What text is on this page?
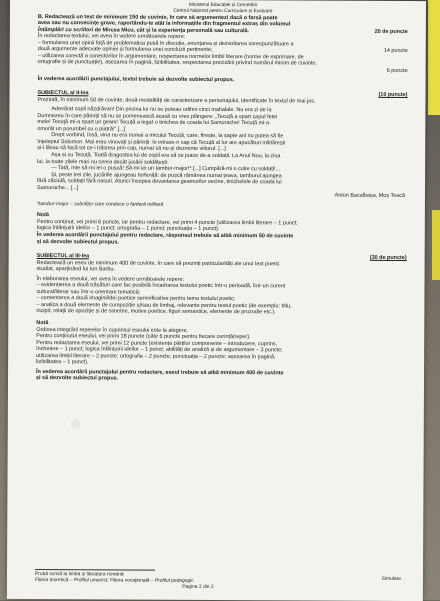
Ministerul Educației și Cercetării
Centrul Național pentru Curriculum și Evaluare

B. Redactează un text de minimum 150 de cuvinte, în care să argumentezi dacă o farsă poate

avea sau nu consecințe grave, raportându-te atât la informațiile din fragmentul extras din volumul

Întâmplări cu scriitori de Mircea Micu, cât și la experiența personală sau culturală.	20 de puncte

În redactarea textului, vei avea în vedere următoarele repere:

– formularea unei opinii față de problematica pusă în discuție, enunțarea și dezvoltarea corespunzătoare a

două argumente adecvate opiniei și formularea unei concluzii pertinente;	14 puncte

– utilizarea corectă a conectorilor în argumentare, respectarea normelor limbii literare (norme de exprimare, de

ortografie și de punctuație), așezarea în pagină, lizibilitatea, respectarea precizării privind numărul minim de cuvinte.

6 puncte

În vederea acordării punctajului, textul trebuie să dezvolte subiectul propus.

SUBIECTUL al II-lea	(10 puncte)

Prezintă, în minimum 50 de cuvinte, două modalități de caracterizare a personajului, identificate în textul de mai jos.

Adevărat copil năzdrăvan! Din pricina lui nu se puteau odihni cinci mahalale. Nu era zi de la

Dumnezeu în care părinții să nu se pomenească acasă cu vreo plângere: „Tecuță a spart capul fetei

mele! Tecuță mi-a spart un geam! Tecuță a legat o tinichea de coada lui Samurache! Tecuță mi-a

omorât un porumbel cu o piatră!” [...]

Drept vorbind, însă, vina nu era numai a micului Tecuță, care, firește, la șapte ani nu putea să fie

înțeleptul Solomon. Mai erau vinovați și părinții: le intrase-n cap că Tecuță al lor are apucături militărești

și-l lăsau să facă tot ce-i trăsnea prin cap, numai să nu-și dezminte viitorul. [...]

Așa și cu Tecuță. Toată dragostea lui de copil era să se joace de-a soldații. La Anul Nou, la ziua

lui, la toate zilele mari nu cerea decât jucării soldățești:

— Tată, mie să-mi iei o pușcă! Să-mi iei un tambur-major!* [...] Cumpără-mi o cutie cu soldați!...

Și, peste trei zile, jucăriile ajungeau ferfeniță: de pușcă rămânea numai țeava, tamburul ajungea

fără căciulă, soldații fără nasuri. Atunci începea devastarea geamurilor vecine, tinichelele de coada lui

Samurache... [...]

Anton Bacalbașa, Moș Teacă

*tambur-major – subofițer care conduce o fanfară militară

Notă

Pentru conținut, vei primi 6 puncte, iar pentru redactare, vei primi 4 puncte (utilizarea limbii literare – 1 punct;

logica înlănțuirii ideilor – 1 punct; ortografia – 1 punct; punctuația – 1 punct).

În vederea acordării punctajului pentru redactare, răspunsul trebuie să aibă minimum 50 de cuvinte

și să dezvolte subiectul propus.

SUBIECTUL al III-lea	(30 de puncte)

Redactează un eseu de minimum 400 de cuvinte, în care să prezinți particularități ale unui text poetic

studiat, aparținând lui Ion Barbu.

În elaborarea eseului, vei avea în vedere următoarele repere:

– evidențierea a două trăsături care fac posibilă încadrarea textului poetic într-o perioadă, într-un curent

cultural/literar sau într-o orientare tematică;

– comentarea a două imagini/idei poetice semnificative pentru tema textului poetic;

– analiza a două elemente de compoziție și/sau de limbaj, relevante pentru textul poetic (de exemplu: titlu,

incipit, relații de opoziție și de simetrie, motive poetice, figuri semantice, elemente de prozodie etc.).

Notă

Ordinea integrării reperelor în cuprinsul eseului este la alegere.

Pentru conținutul eseului, vei primi 18 puncte (câte 6 puncte pentru fiecare cerință/reper).

Pentru redactarea eseului, vei primi 12 puncte (existența părților componente – introducere, cuprins,

încheiere – 1 punct; logica înlănțuirii ideilor – 1 punct; abilități de analiză și de argumentare – 3 puncte;

utilizarea limbii literare – 2 puncte; ortografia – 2 puncte; punctuația – 2 puncte; așezarea în pagină,

lizibilitatea – 1 punct).

În vederea acordării punctajului pentru redactare, eseul trebuie să aibă minimum 400 de cuvinte

și să dezvolte subiectul propus.

●
Probă scrisă la limba și literatura română
Filiera teoretică – Profilul umanist; Filiera vocațională – Profilul pedagogic
Pagina 2 din 2
Simulare
